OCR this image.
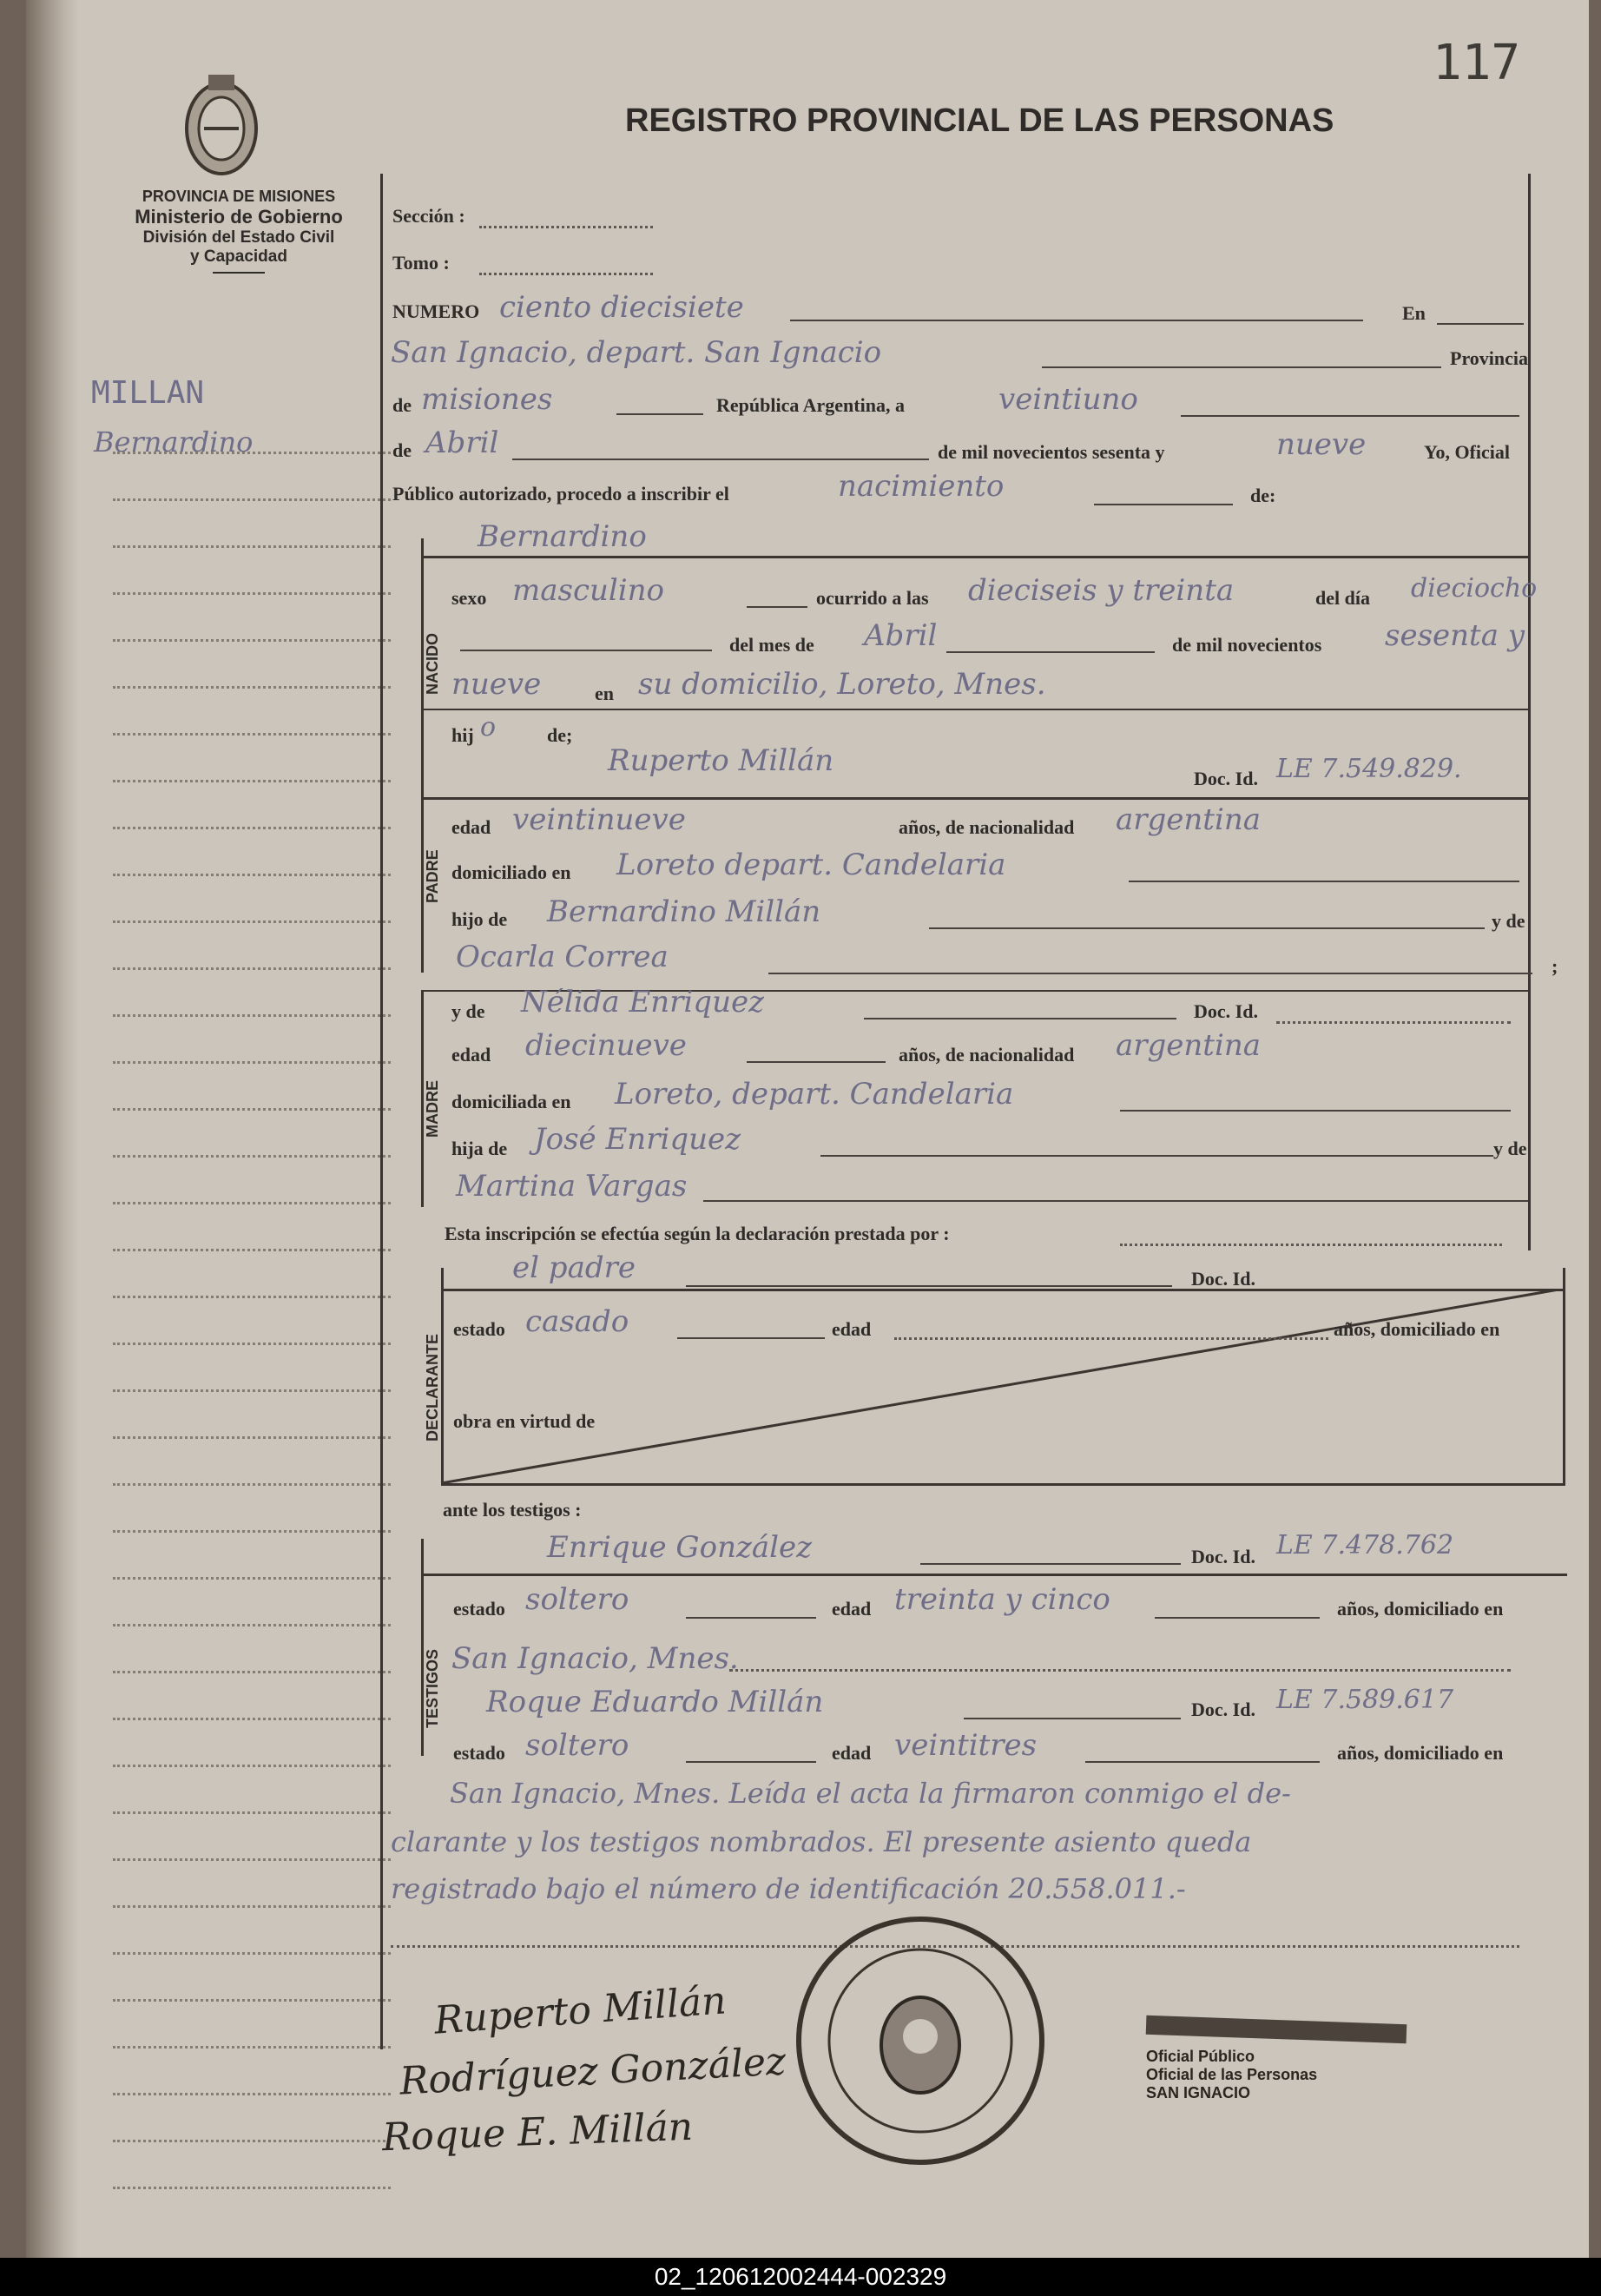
117
REGISTRO PROVINCIAL DE LAS PERSONAS
PROVINCIA DE MISIONES
Ministerio de Gobierno
División del Estado Civil
y Capacidad
MILLAN
Bernardino
Sección :
Tomo :
NUMERO ciento diecisiete	En
San Ignacio, depart. San Ignacio	Provincia
de misiones	República Argentina, a	veintiuno
de Abril	de mil novecientos sesenta y	nueve	Yo, Oficial
Público autorizado, procedo a inscribir el	nacimiento	de:
NACIDO
Bernardino
sexo masculino	ocurrido a las dieciseis y treinta	del día dieciocho
del mes de Abril	de mil novecientos sesenta y
nueve	en su domicilio, Loreto, Mnes.
hij o	de;
PADRE
Ruperto Millán
Doc. Id. LE 7.549.829.
edad veintinueve	años, de nacionalidad argentina
domiciliado en Loreto depart. Candelaria
hijo de Bernardino Millán	y de
Ocarla Correa	;
MADRE
y de Nélida Enriquez	Doc. Id.
edad diecinueve	años, de nacionalidad argentina
domiciliada en Loreto, depart. Candelaria
hija de José Enriquez	y de
Martina Vargas
Esta inscripción se efectúa según la declaración prestada por :
DECLARANTE
el padre	Doc. Id.
estado casado	edad	años, domiciliado en
obra en virtud de
ante los testigos :
TESTIGOS
Enrique González	Doc. Id. LE 7.478.762
estado soltero	edad treinta y cinco	años, domiciliado en
San Ignacio, Mnes.
Roque Eduardo Millán	Doc. Id. LE 7.589.617
estado soltero	edad veintitres	años, domiciliado en
San Ignacio, Mnes. Leída el acta la firmaron conmigo el de-
clarante y los testigos nombrados. El presente asiento queda
registrado bajo el número de identificación 20.558.011.-
Ruperto Millán
Rodríguez González
Roque E. Millán
Oficial Público
Oficial de las Personas
SAN IGNACIO
02_120612002444-002329
